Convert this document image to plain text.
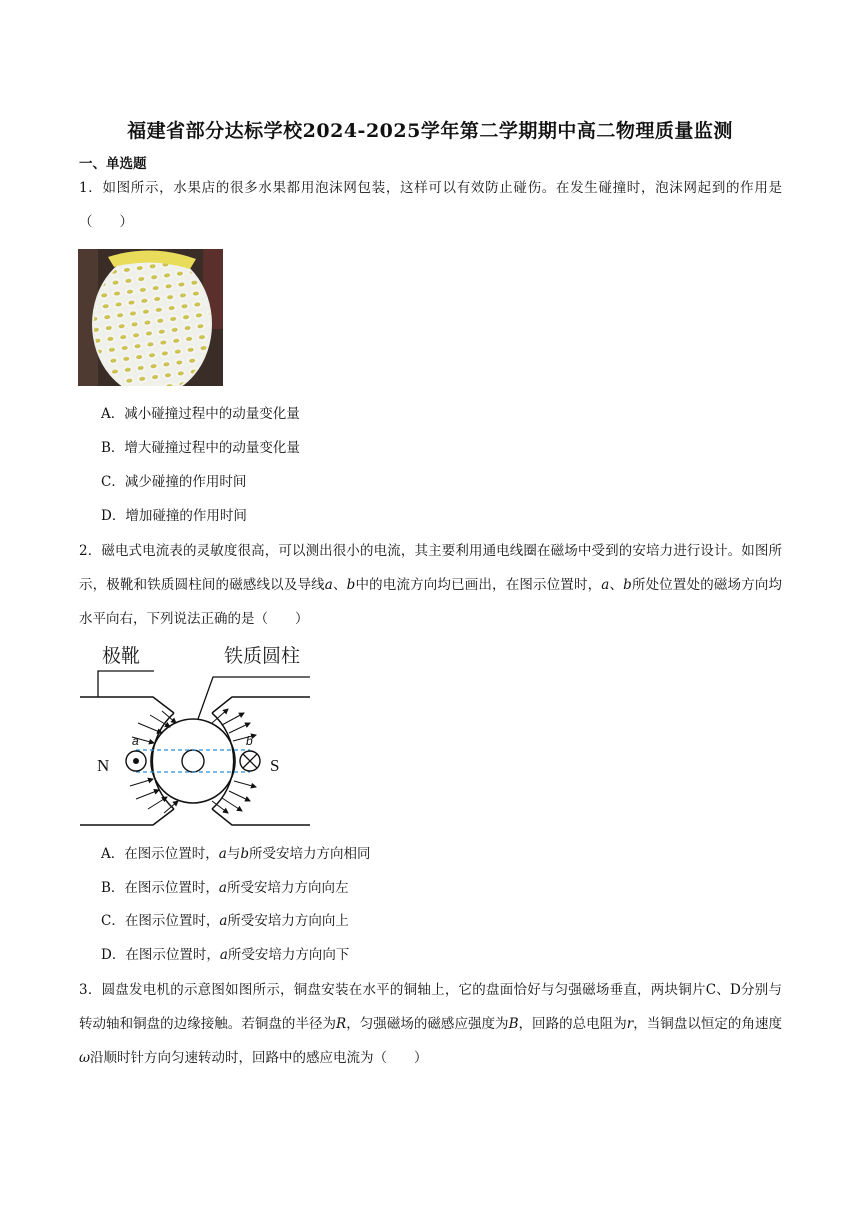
福建省部分达标学校2024-2025学年第二学期期中高二物理质量监测
一、单选题
1．如图所示，水果店的很多水果都用泡沫网包装，这样可以有效防止碰伤。在发生碰撞时，泡沫网起到的作用是（　　）
A．减小碰撞过程中的动量变化量
B．增大碰撞过程中的动量变化量
C．减少碰撞的作用时间
D．增加碰撞的作用时间
2．磁电式电流表的灵敏度很高，可以测出很小的电流，其主要利用通电线圈在磁场中受到的安培力进行设计。如图所示，极靴和铁质圆柱间的磁感线以及导线a、b中的电流方向均已画出，在图示位置时，a、b所处位置处的磁场方向均水平向右，下列说法正确的是（　　）
极靴	铁质圆柱
a	b
N	S
A．在图示位置时，a与b所受安培力方向相同
B．在图示位置时，a所受安培力方向向左
C．在图示位置时，a所受安培力方向向上
D．在图示位置时，a所受安培力方向向下
3．圆盘发电机的示意图如图所示，铜盘安装在水平的铜轴上，它的盘面恰好与匀强磁场垂直，两块铜片C、D分别与转动轴和铜盘的边缘接触。若铜盘的半径为R，匀强磁场的磁感应强度为B，回路的总电阻为r，当铜盘以恒定的角速度ω沿顺时针方向匀速转动时，回路中的感应电流为（　　）
